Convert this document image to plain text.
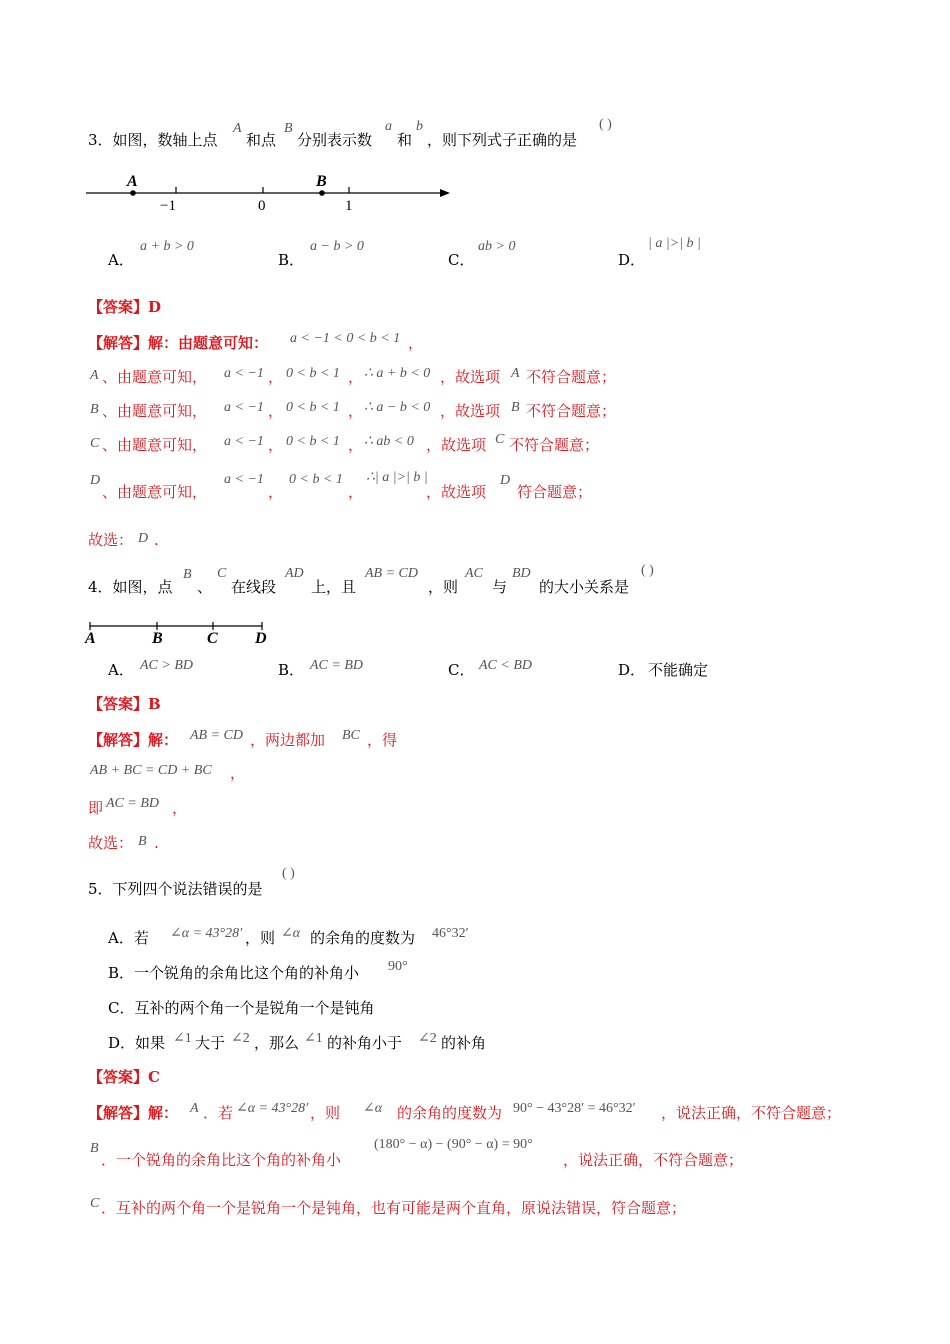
3．如图，数轴上点
A
和点
B
分别表示数
a
和
b
，则下列式子正确的是
( )
A	B
−1	0	1
A．
a + b > 0
B．
a − b > 0
C．
ab > 0
D．
| a |>| b |
【答案】D
【解答】解：由题意可知： a < −1 < 0 < b < 1 ，
A 、由题意可知， a < −1 ， 0 < b < 1 ， ∴ a + b < 0 ，故选项 A 不符合题意；
B 、由题意可知， a < −1 ， 0 < b < 1 ， ∴ a − b < 0 ，故选项 B 不符合题意；
C 、由题意可知， a < −1 ， 0 < b < 1 ， ∴ ab < 0 ，故选项 C 不符合题意；
D
、由题意可知，
a < −1
，
0 < b < 1
，
∴| a |>| b |
，故选项
D
符合题意；
故选： D .
4．如图，点
B
、
C
在线段
AD
上，且
AB = CD
，则
AC
与
BD
的大小关系是
( )
A	B	C D
A． AC > BD	B． AC = BD	C． AC < BD	D． 不能确定
【答案】B
【解答】解： AB = CD ，两边都加 BC ，得
AB + BC = CD + BC ，
即 AC = BD ，
故选： B .
5．下列四个说法错误的是
( )
A．若 ∠α = 43°28′ ，则 ∠α 的余角的度数为 46°32′
B．一个锐角的余角比这个角的补角小 90°
C．互补的两个角一个是锐角一个是钝角
D．如果 ∠1 大于 ∠2 ，那么 ∠1 的补角小于 ∠2 的补角
【答案】C
【解答】解： A ．若 ∠α = 43°28′ ，则 ∠α 的余角的度数为 90° − 43°28′ = 46°32′ ，说法正确，不符合题意；
B
．一个锐角的余角比这个角的补角小
(180° − α) − (90° − α) = 90°
，说法正确，不符合题意；
C ．互补的两个角一个是锐角一个是钝角，也有可能是两个直角，原说法错误，符合题意；
